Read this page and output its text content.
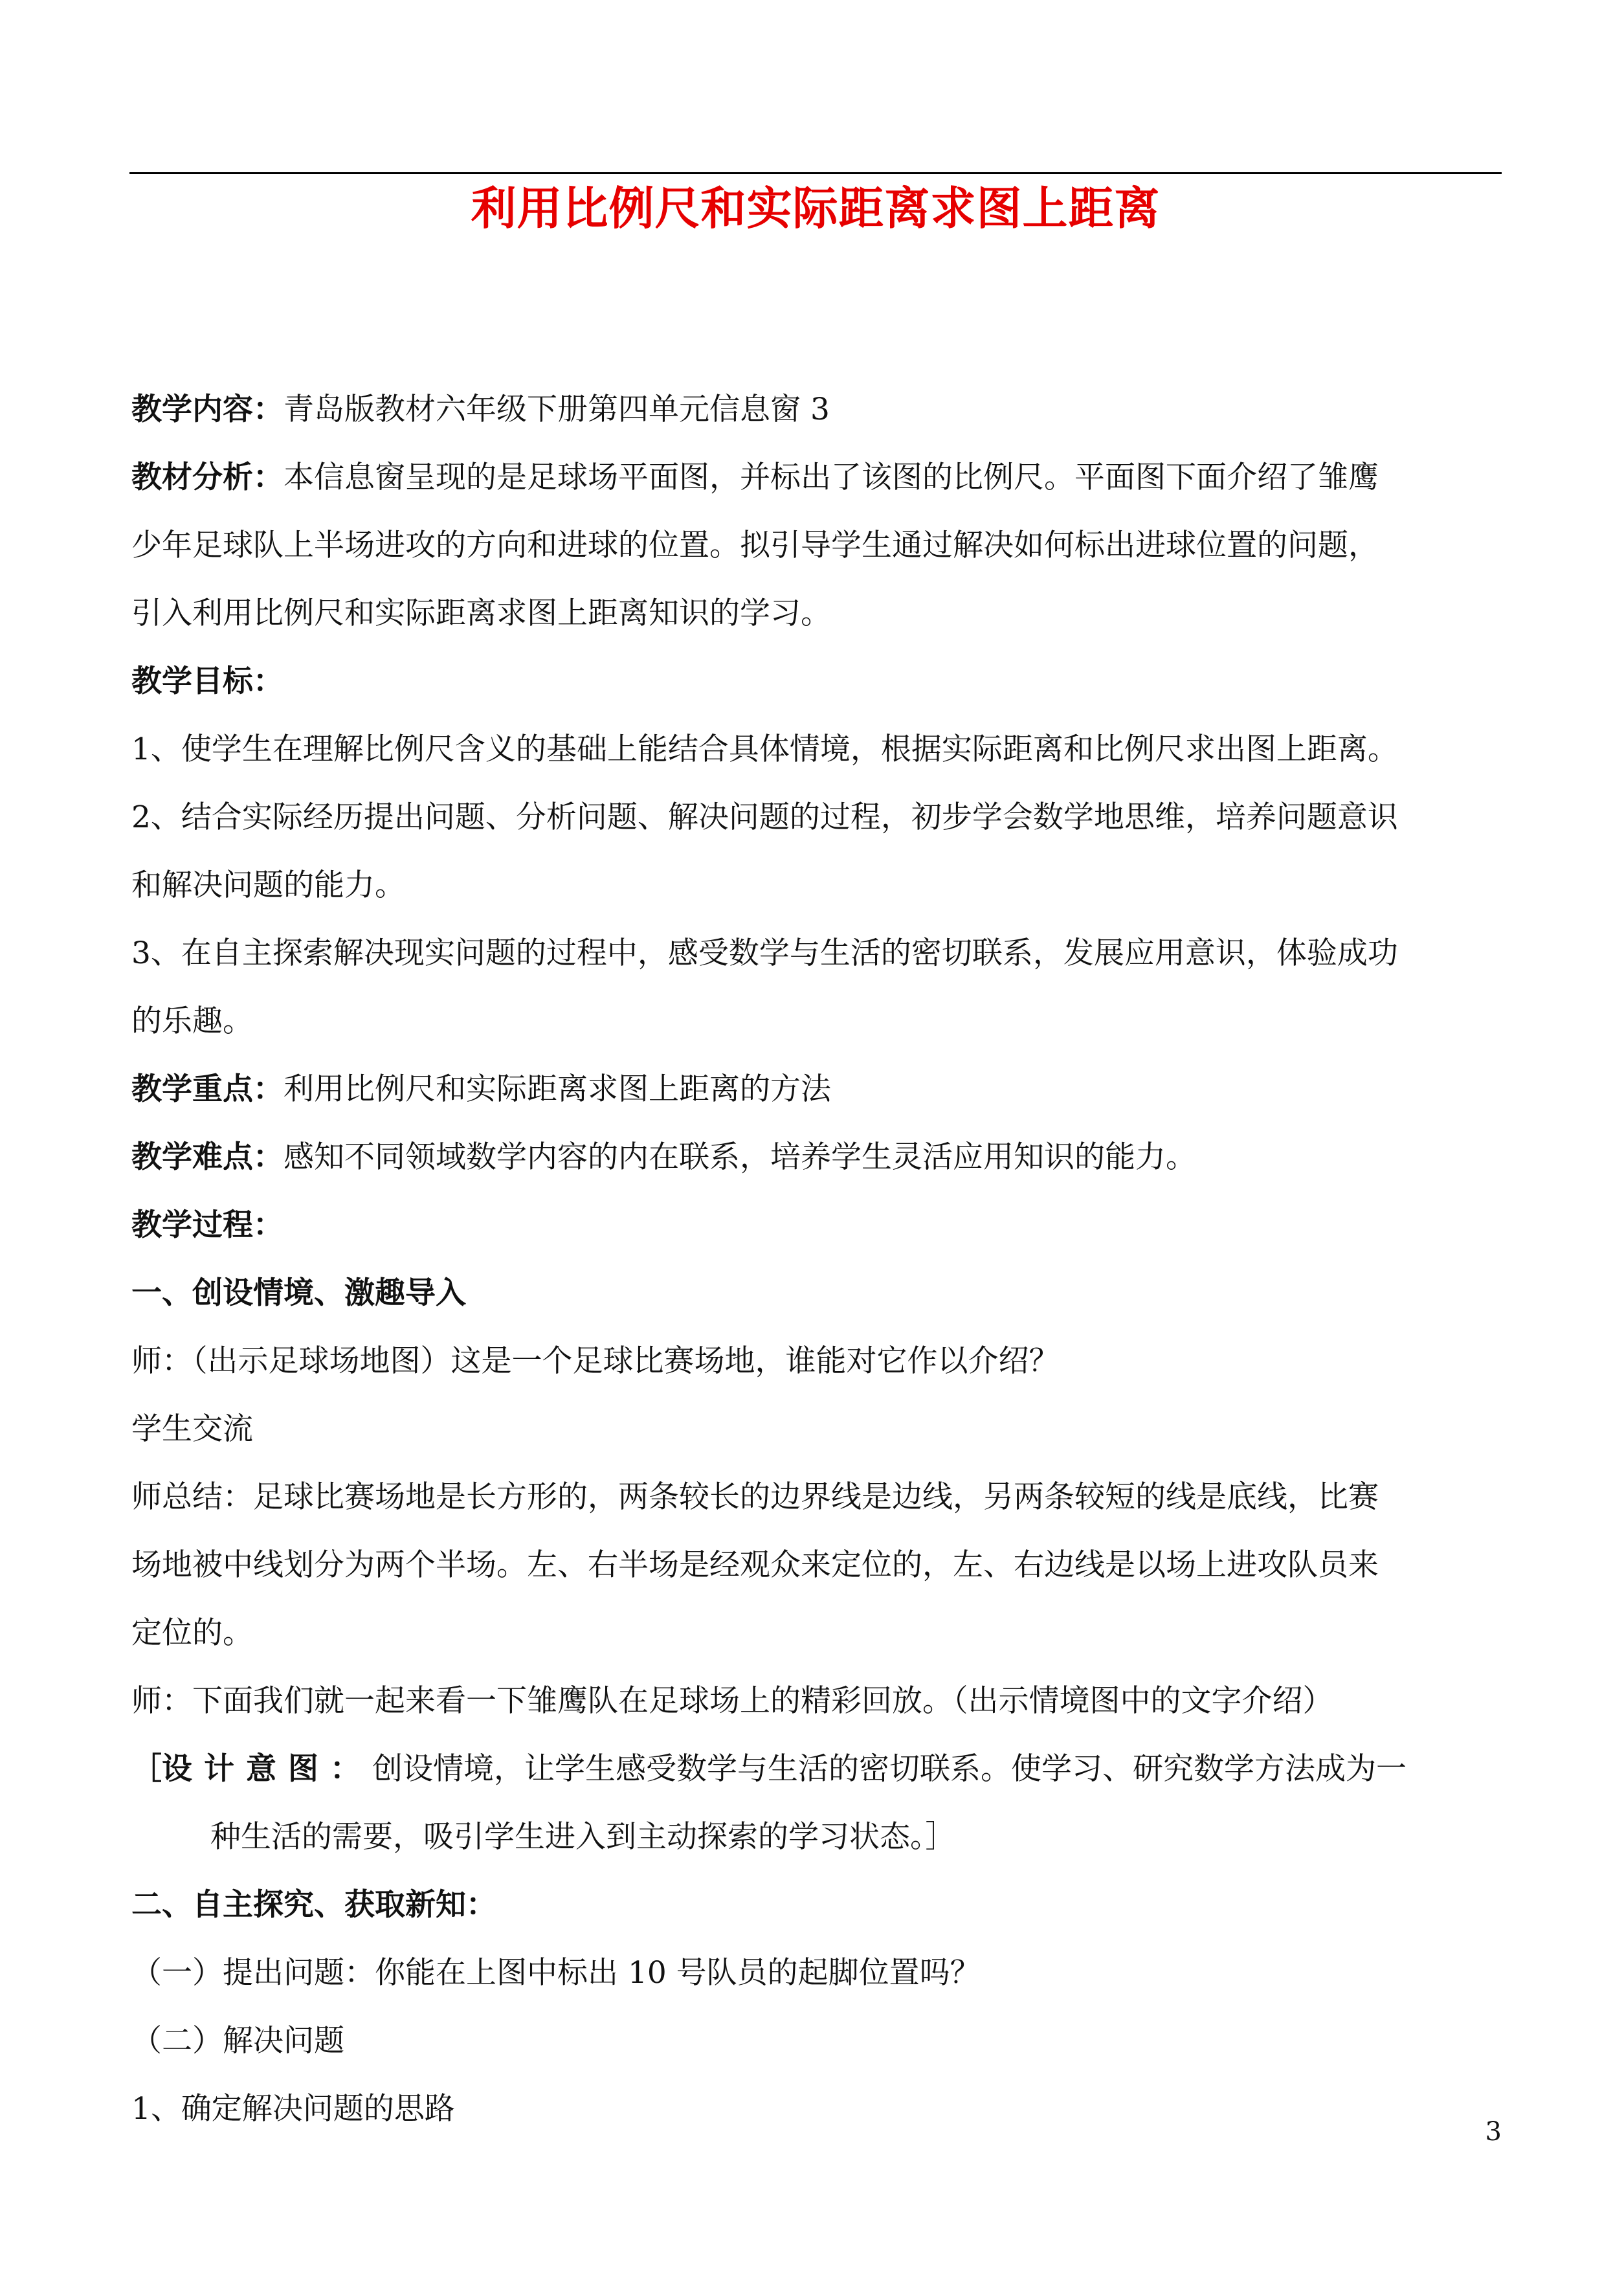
利用比例尺和实际距离求图上距离
教学内容：青岛版教材六年级下册第四单元信息窗 3
教材分析：本信息窗呈现的是足球场平面图，并标出了该图的比例尺。平面图下面介绍了雏鹰
少年足球队上半场进攻的方向和进球的位置。拟引导学生通过解决如何标出进球位置的问题，
引入利用比例尺和实际距离求图上距离知识的学习。
教学目标：
1、使学生在理解比例尺含义的基础上能结合具体情境，根据实际距离和比例尺求出图上距离。
2、结合实际经历提出问题、分析问题、解决问题的过程，初步学会数学地思维，培养问题意识
和解决问题的能力。
3、在自主探索解决现实问题的过程中，感受数学与生活的密切联系，发展应用意识，体验成功
的乐趣。
教学重点：利用比例尺和实际距离求图上距离的方法
教学难点：感知不同领域数学内容的内在联系，培养学生灵活应用知识的能力。
教学过程：
一、创设情境、激趣导入
师：（出示足球场地图）这是一个足球比赛场地，谁能对它作以介绍？
学生交流
师总结：足球比赛场地是长方形的，两条较长的边界线是边线，另两条较短的线是底线，比赛
场地被中线划分为两个半场。左、右半场是经观众来定位的，左、右边线是以场上进攻队员来
定位的。
师：下面我们就一起来看一下雏鹰队在足球场上的精彩回放。（出示情境图中的文字介绍）
［设计意图：创设情境，让学生感受数学与生活的密切联系。使学习、研究数学方法成为一
种生活的需要，吸引学生进入到主动探索的学习状态。］
二、自主探究、获取新知：
（一）提出问题：你能在上图中标出 10 号队员的起脚位置吗？
（二）解决问题
1、确定解决问题的思路
3
